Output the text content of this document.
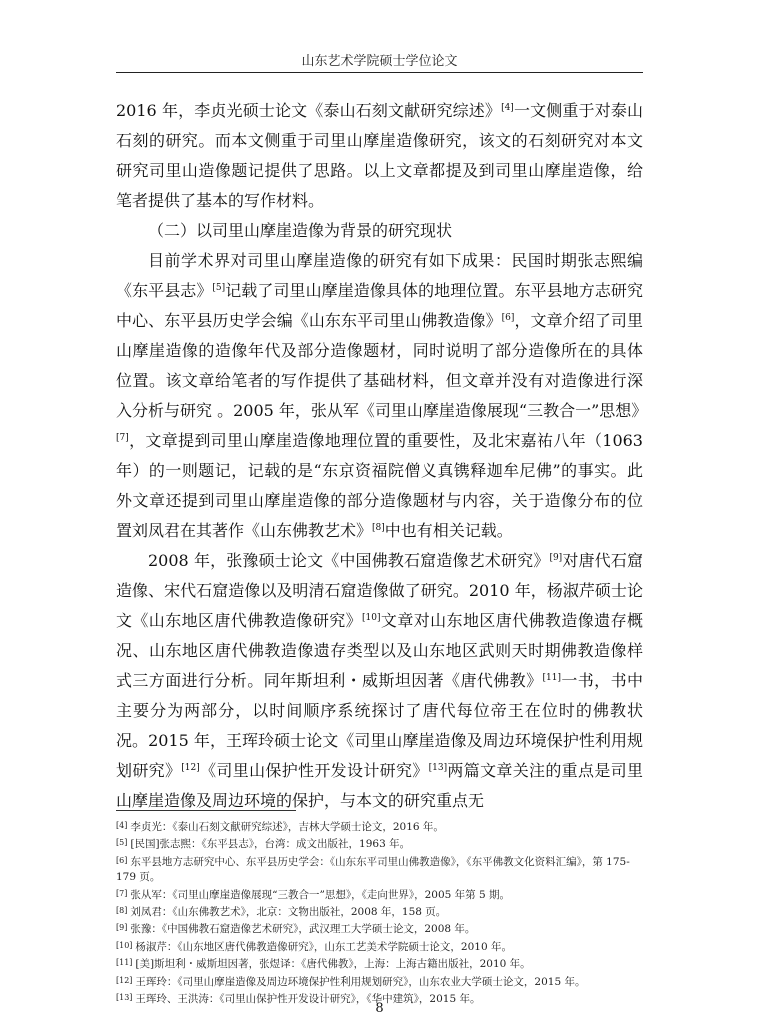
山东艺术学院硕士学位论文

2016 年，李贞光硕士论文《泰山石刻文献研究综述》[4]一文侧重于对泰山石刻的研究。而本文侧重于司里山摩崖造像研究，该文的石刻研究对本文研究司里山造像题记提供了思路。以上文章都提及到司里山摩崖造像，给笔者提供了基本的写作材料。

（二）以司里山摩崖造像为背景的研究现状

目前学术界对司里山摩崖造像的研究有如下成果：民国时期张志熙编《东平县志》[5]记载了司里山摩崖造像具体的地理位置。东平县地方志研究中心、东平县历史学会编《山东东平司里山佛教造像》[6]，文章介绍了司里山摩崖造像的造像年代及部分造像题材，同时说明了部分造像所在的具体位置。该文章给笔者的写作提供了基础材料，但文章并没有对造像进行深入分析与研究 。2005 年，张从军《司里山摩崖造像展现“三教合一”思想》[7]，文章提到司里山摩崖造像地理位置的重要性，及北宋嘉祐八年（1063 年）的一则题记，记载的是“东京资福院僧义真镌释迦牟尼佛”的事实。此外文章还提到司里山摩崖造像的部分造像题材与内容，关于造像分布的位置刘凤君在其著作《山东佛教艺术》[8]中也有相关记载。

2008 年，张豫硕士论文《中国佛教石窟造像艺术研究》[9]对唐代石窟造像、宋代石窟造像以及明清石窟造像做了研究。2010 年，杨淑芹硕士论文《山东地区唐代佛教造像研究》[10]文章对山东地区唐代佛教造像遗存概况、山东地区唐代佛教造像遗存类型以及山东地区武则天时期佛教造像样式三方面进行分析。同年斯坦利・威斯坦因著《唐代佛教》[11]一书，书中主要分为两部分，以时间顺序系统探讨了唐代每位帝王在位时的佛教状况。2015 年，王珲玲硕士论文《司里山摩崖造像及周边环境保护性利用规划研究》[12]《司里山保护性开发设计研究》[13]两篇文章关注的重点是司里山摩崖造像及周边环境的保护，与本文的研究重点无

[4] 李贞光：《泰山石刻文献研究综述》，吉林大学硕士论文，2016 年。

[5] [民国]张志熙：《东平县志》，台湾：成文出版社，1963 年。

[6] 东平县地方志研究中心、东平县历史学会：《山东东平司里山佛教造像》，《东平佛教文化资料汇编》，第 175-179 页。

[7] 张从军：《司里山摩崖造像展现“三教合一”思想》，《走向世界》，2005 年第 5 期。

[8] 刘凤君：《山东佛教艺术》，北京：文物出版社，2008 年，158 页。

[9] 张豫：《中国佛教石窟造像艺术研究》，武汉理工大学硕士论文，2008 年。

[10] 杨淑芹：《山东地区唐代佛教造像研究》，山东工艺美术学院硕士论文，2010 年。

[11] [美]斯坦利・威斯坦因著，张煜译：《唐代佛教》，上海：上海古籍出版社，2010 年。

[12] 王珲玲：《司里山摩崖造像及周边环境保护性利用规划研究》，山东农业大学硕士论文，2015 年。

[13] 王珲玲、王洪涛：《司里山保护性开发设计研究》，《华中建筑》，2015 年。

8
